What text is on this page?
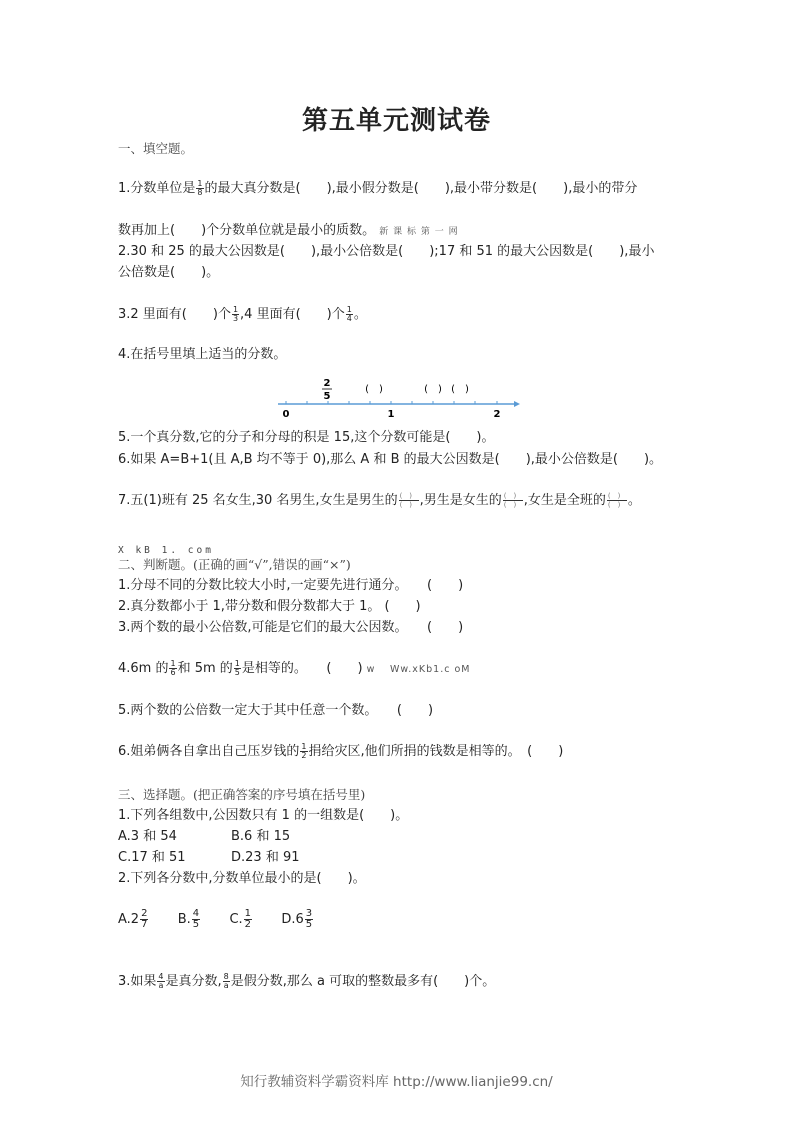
第五单元测试卷
一、填空题。
1.分数单位是 $\frac{1}{8}$ 的最大真分数是(　　),最小假分数是(　　),最小带分数是(　　),最小的带分
数再加上(　　)个分数单位就是最小的质数。 新 课 标 第 一 网
2.30 和 25 的最大公因数是(　　),最小公倍数是(　　);17 和 51 的最大公因数是(　　),最小
公倍数是(　　)。
3.2 里面有(　　)个 $\frac{1}{3} ,4$ 里面有(　　)个 $\frac{1}{4}$ 。
4.在括号里填上适当的分数。
2
5
(　)	(　) (　)
0	1	2
5.一个真分数,它的分子和分母的积是 15,这个分数可能是(　　)。
6.如果 A=B+1(且 A,B 均不等于 0),那么 A 和 B 的最大公因数是(　　),最小公倍数是(　　)。
7.五(1)班有 25 名女生,30 名男生,女生是男生的 $\frac{( )}{( )}$ ,男生是女生的 $\frac{( )}{( )}$ ,女生是全班的 $\frac{( )}{( )}$ 。
X kB 1. com
二、判断题。(正确的画“√”,错误的画“×”)
1.分母不同的分数比较大小时,一定要先进行通分。　　(　　)
2.真分数都小于 1,带分数和假分数都大于 1。 (　　)
3.两个数的最小公倍数,可能是它们的最大公因数。　　(　　)
4.6m 的 $\frac{1}{6}$ 和 5m 的 $\frac{1}{5}$ 是相等的。　　(　　) w　 Ww.xKb1.c oM
5.两个数的公倍数一定大于其中任意一个数。　　(　　)
6.姐弟俩各自拿出自己压岁钱的 $\frac{1}{2}$ 捐给灾区,他们所捐的钱数是相等的。　(　　)
三、选择题。(把正确答案的序号填在括号里)
1.下列各组数中,公因数只有 1 的一组数是(　　)。
A.3 和 54	B.6 和 15
C.17 和 51	D.23 和 91
2.下列各分数中,分数单位最小的是(　　)。
A. $2 \frac{2}{7}$
B. $\frac{4}{5}$
C. $\frac{1}{2}$
D. $6 \frac{3}{5}$
3.如果 $\frac{4}{a}$ 是真分数, $\frac{8}{a}$ 是假分数,那么 a 可取的整数最多有(　　)个。
知行教辅资料学霸资料库 http://www.lianjie99.cn/
